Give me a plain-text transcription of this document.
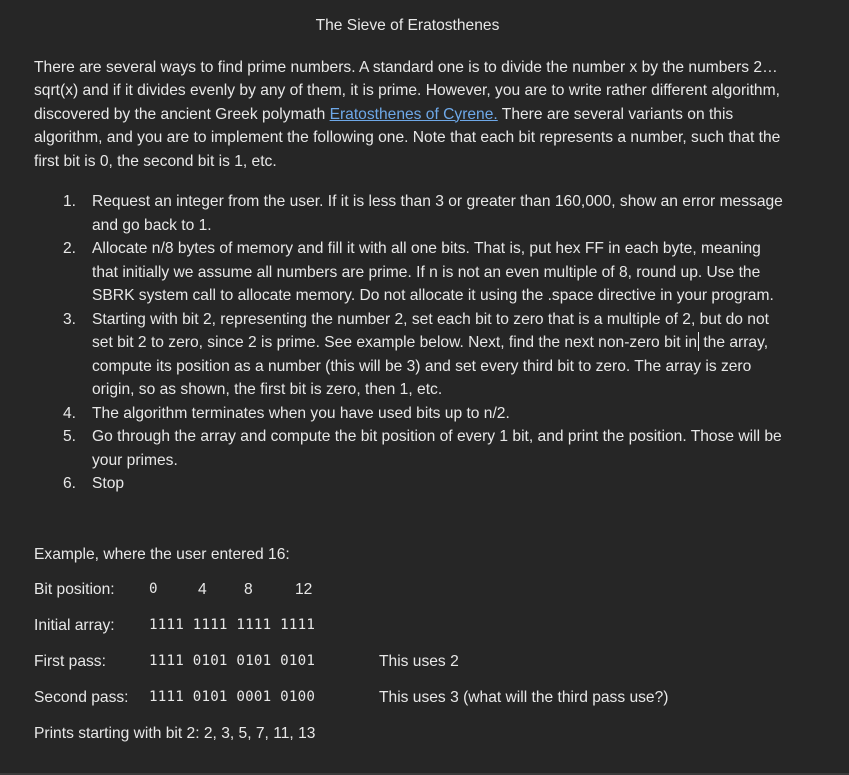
The Sieve of Eratosthenes
There are several ways to find prime numbers. A standard one is to divide the number x by the numbers 2…sqrt(x) and if it divides evenly by any of them, it is prime. However, you are to write rather different algorithm, discovered by the ancient Greek polymath Eratosthenes of Cyrene. There are several variants on this algorithm, and you are to implement the following one. Note that each bit represents a number, such that the first bit is 0, the second bit is 1, etc.
1. Request an integer from the user. If it is less than 3 or greater than 160,000, show an error message and go back to 1.
2. Allocate n/8 bytes of memory and fill it with all one bits. That is, put hex FF in each byte, meaning that initially we assume all numbers are prime. If n is not an even multiple of 8, round up. Use the SBRK system call to allocate memory. Do not allocate it using the .space directive in your program.
3. Starting with bit 2, representing the number 2, set each bit to zero that is a multiple of 2, but do not set bit 2 to zero, since 2 is prime. See example below. Next, find the next non-zero bit in the array, compute its position as a number (this will be 3) and set every third bit to zero. The array is zero origin, so as shown, the first bit is zero, then 1, etc.
4. The algorithm terminates when you have used bits up to n/2.
5. Go through the array and compute the bit position of every 1 bit, and print the position. Those will be your primes.
6. Stop
Example, where the user entered 16:
Bit position: 0	4 8	12
Initial array: 1111 1111 1111 1111
First pass:	1111 0101 0101 0101	This uses 2
Second pass: 1111 0101 0001 0100	This uses 3 (what will the third pass use?)
Prints starting with bit 2: 2, 3, 5, 7, 11, 13
